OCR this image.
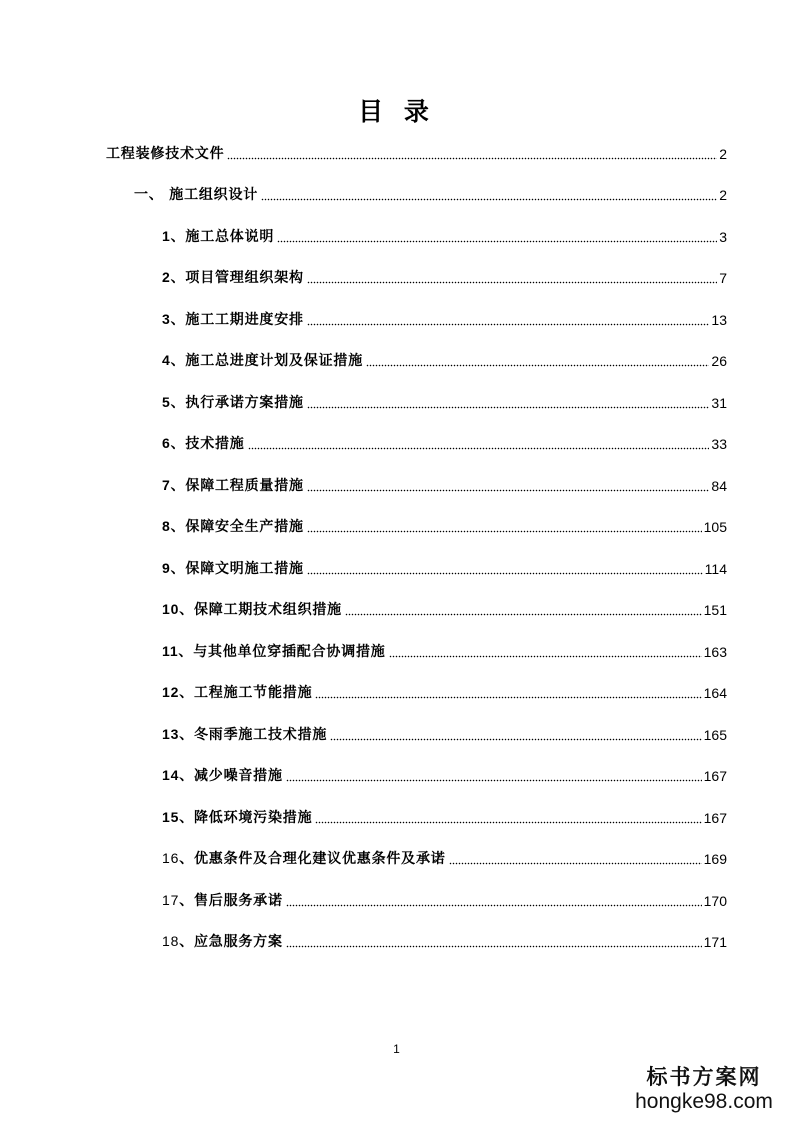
目 录
工程装修技术文件	2
一、 施工组织设计	2
1、施工总体说明	3
2、项目管理组织架构	7
3、施工工期进度安排	13
4、施工总进度计划及保证措施	26
5、执行承诺方案措施	31
6、技术措施	33
7、保障工程质量措施	84
8、保障安全生产措施	105
9、保障文明施工措施	114
10、保障工期技术组织措施	151
11、与其他单位穿插配合协调措施	163
12、工程施工节能措施	164
13、冬雨季施工技术措施	165
14、减少噪音措施	167
15、降低环境污染措施	167
16、优惠条件及合理化建议优惠条件及承诺	169
17、售后服务承诺	170
18、应急服务方案	171
1
标书方案网
hongke98.com
